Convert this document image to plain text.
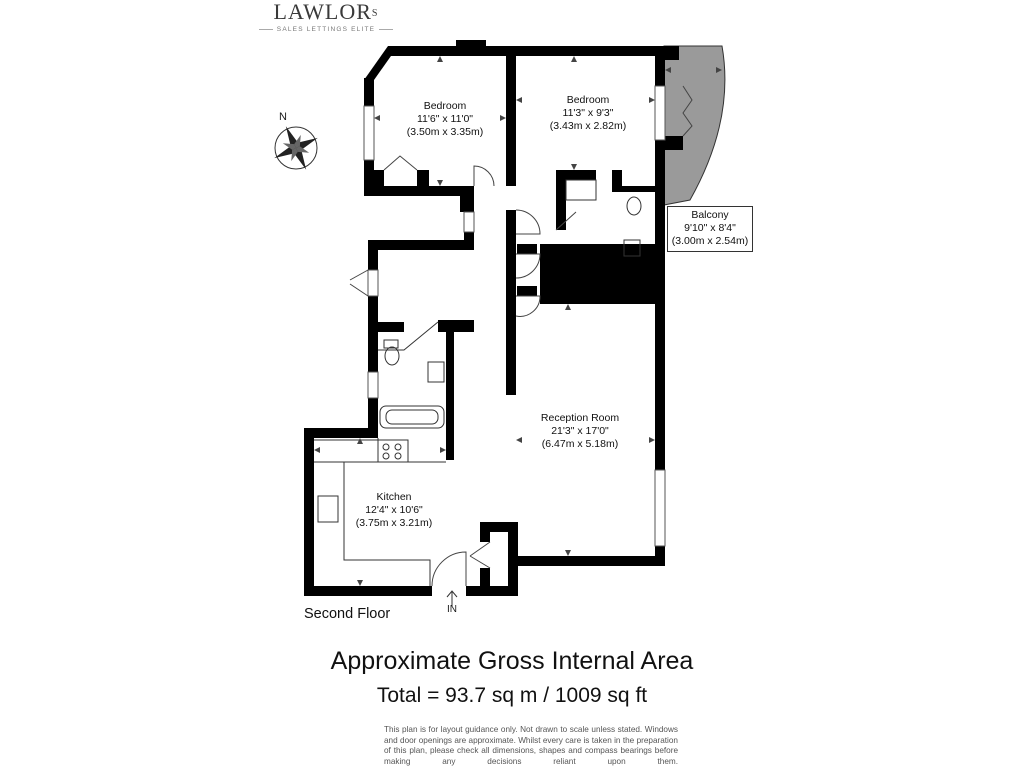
$LAWLOR^S$
SALES LETTINGS ELITE
N
Bedroom
11'6" x 11'0"
(3.50m x 3.35m)
Bedroom
11'3" x 9'3"
(3.43m x 2.82m)
Balcony
9'10" x 8'4"
(3.00m x 2.54m)
Reception Room
21'3" x 17'0"
(6.47m x 5.18m)
Kitchen
12'4" x 10'6"
(3.75m x 3.21m)
IN
Second Floor
Approximate Gross Internal Area
Total = 93.7 sq m / 1009 sq ft
This plan is for layout guidance only. Not drawn to scale unless stated. Windows and door openings are approximate. Whilst every care is taken in the preparation of this plan, please check all dimensions, shapes and compass bearings before making any decisions reliant upon them.
